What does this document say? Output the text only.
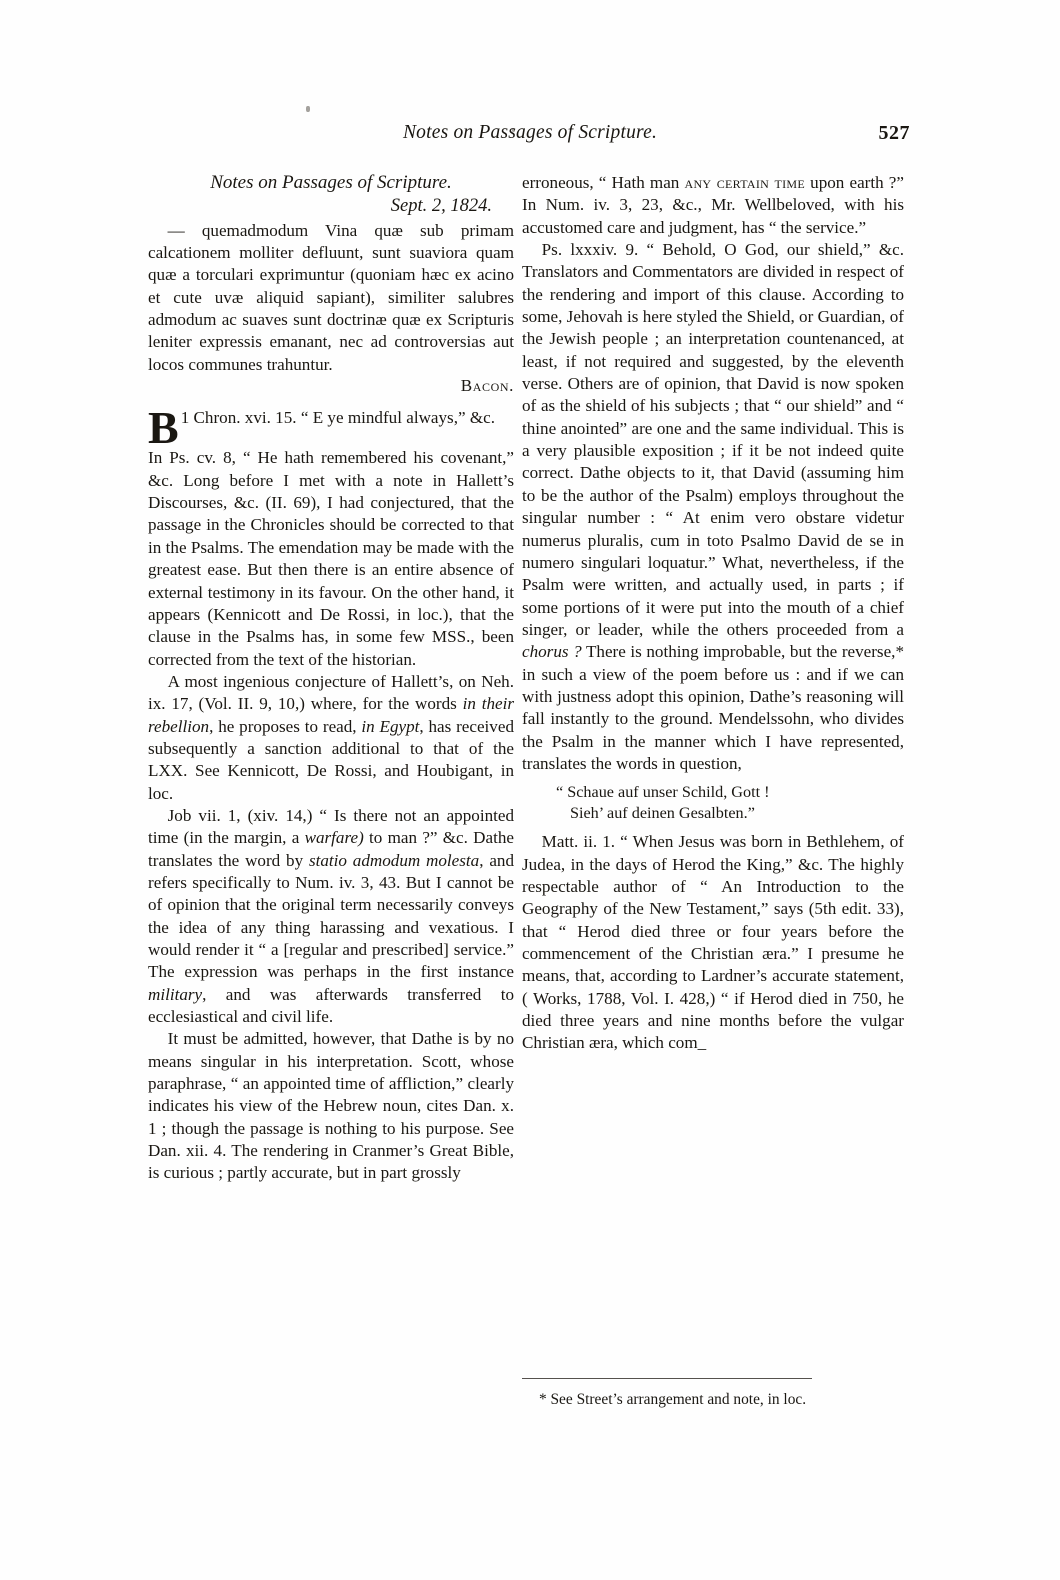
Notes on Passages of Scripture.	527

Notes on Passages of Scripture.

Sept. 2, 1824.

— quemadmodum Vina quæ sub primam calcationem molliter defluunt, sunt suaviora quam quæ a torculari exprimuntur (quoniam hæc ex acino et cute uvæ aliquid sapiant), similiter salubres admodum ac suaves sunt doctrinæ quæ ex Scripturis leniter expressis emanant, nec ad controversias aut locos communes trahuntur.

Bacon.

1 Chron. xvi. 15. “
B	E ye mindful always,” &c.

In Ps. cv. 8, “ He hath remembered his covenant,” &c. Long before I met with a note in Hallett’s Discourses, &c. (II. 69), I had conjectured, that the passage in the Chronicles should be corrected to that in the Psalms. The emendation may be made with the greatest ease. But then there is an entire absence of external testimony in its favour. On the other hand, it appears (Kennicott and De Rossi, in loc.), that the clause in the Psalms has, in some few MSS., been corrected from the text of the historian.

A most ingenious conjecture of Hallett’s, on Neh. ix. 17, (Vol. II. 9, 10,) where, for the words in their rebellion, he proposes to read, in Egypt, has received subsequently a sanction additional to that of the LXX. See Kennicott, De Rossi, and Houbigant, in loc.

Job vii. 1, (xiv. 14,) “ Is there not an appointed time (in the margin, a warfare) to man ?” &c. Dathe translates the word by statio admodum molesta, and refers specifically to Num. iv. 3, 43. But I cannot be of opinion that the original term necessarily conveys the idea of any thing harassing and vexatious. I would render it “ a [regular and prescribed] service.” The expression was perhaps in the first instance military, and was afterwards transferred to ecclesiastical and civil life.

It must be admitted, however, that Dathe is by no means singular in his interpretation. Scott, whose paraphrase, “ an appointed time of affliction,” clearly indicates his view of the Hebrew noun, cites Dan. x. 1 ; though the passage is nothing to his purpose. See Dan. xii. 4. The rendering in Cranmer’s Great Bible, is curious ; partly accurate, but in part grossly

erroneous, “ Hath man any certain time upon earth ?” In Num. iv. 3, 23, &c., Mr. Wellbeloved, with his accustomed care and judgment, has “ the service.”

Ps. lxxxiv. 9. “ Behold, O God, our shield,” &c. Translators and Commentators are divided in respect of the rendering and import of this clause. According to some, Jehovah is here styled the Shield, or Guardian, of the Jewish people ; an interpretation countenanced, at least, if not required and suggested, by the eleventh verse. Others are of opinion, that David is now spoken of as the shield of his subjects ; that “ our shield” and “ thine anointed” are one and the same individual. This is a very plausible exposition ; if it be not indeed quite correct. Dathe objects to it, that David (assuming him to be the author of the Psalm) employs throughout the singular number : “ At enim vero obstare videtur numerus pluralis, cum in toto Psalmo David de se in numero singulari loquatur.” What, nevertheless, if the Psalm were written, and actually used, in parts ; if some portions of it were put into the mouth of a chief singer, or leader, while the others proceeded from a chorus ? There is nothing improbable, but the reverse,* in such a view of the poem before us : and if we can with justness adopt this opinion, Dathe’s reasoning will fall instantly to the ground. Mendelssohn, who divides the Psalm in the manner which I have represented, translates the words in question,

“ Schaue auf unser Schild, Gott !
Sieh’ auf deinen Gesalbten.”

Matt. ii. 1. “ When Jesus was born in Bethlehem, of Judea, in the days of Herod the King,” &c. The highly respectable author of “ An Introduction to the Geography of the New Testament,” says (5th edit. 33), that “ Herod died three or four years before the commencement of the Christian æra.” I presume he means, that, according to Lardner’s accurate statement, ( Works, 1788, Vol. I. 428,) “ if Herod died in 750, he died three years and nine months before the vulgar Christian æra, which com_

* See Street’s arrangement and note, in loc.
